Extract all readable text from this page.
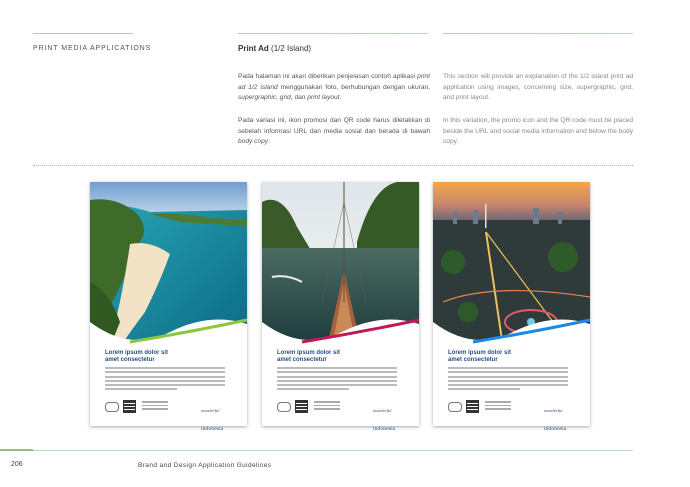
PRINT MEDIA APPLICATIONS	Print Ad (1/2 Island)
Pada halaman ini akan diberikan penjelasan contoh aplikasi print ad 1/2 island menggunakan foto, berhubungan dengan ukuran, supergraphic, grid, dan print layout.
Pada variasi ini, ikon promosi dan QR code harus diletakkan di sebelah informasi URL dan media sosial dan berada di bawah body copy.
This section will provide an explanation of the 1/2 island print ad application using images, concerning size, supergraphic, grid, and print layout.
In this variation, the promo icon and the QR code must be placed beside the URL and social media information and below the body copy.
Lorem ipsum dolor sit
amet consectetur
wonderful
indonesia
Lorem ipsum dolor sit
amet consectetur
wonderful
indonesia
Lorem ipsum dolor sit
amet consectetur
wonderful
indonesia
206	Brand and Design Application Guidelines
